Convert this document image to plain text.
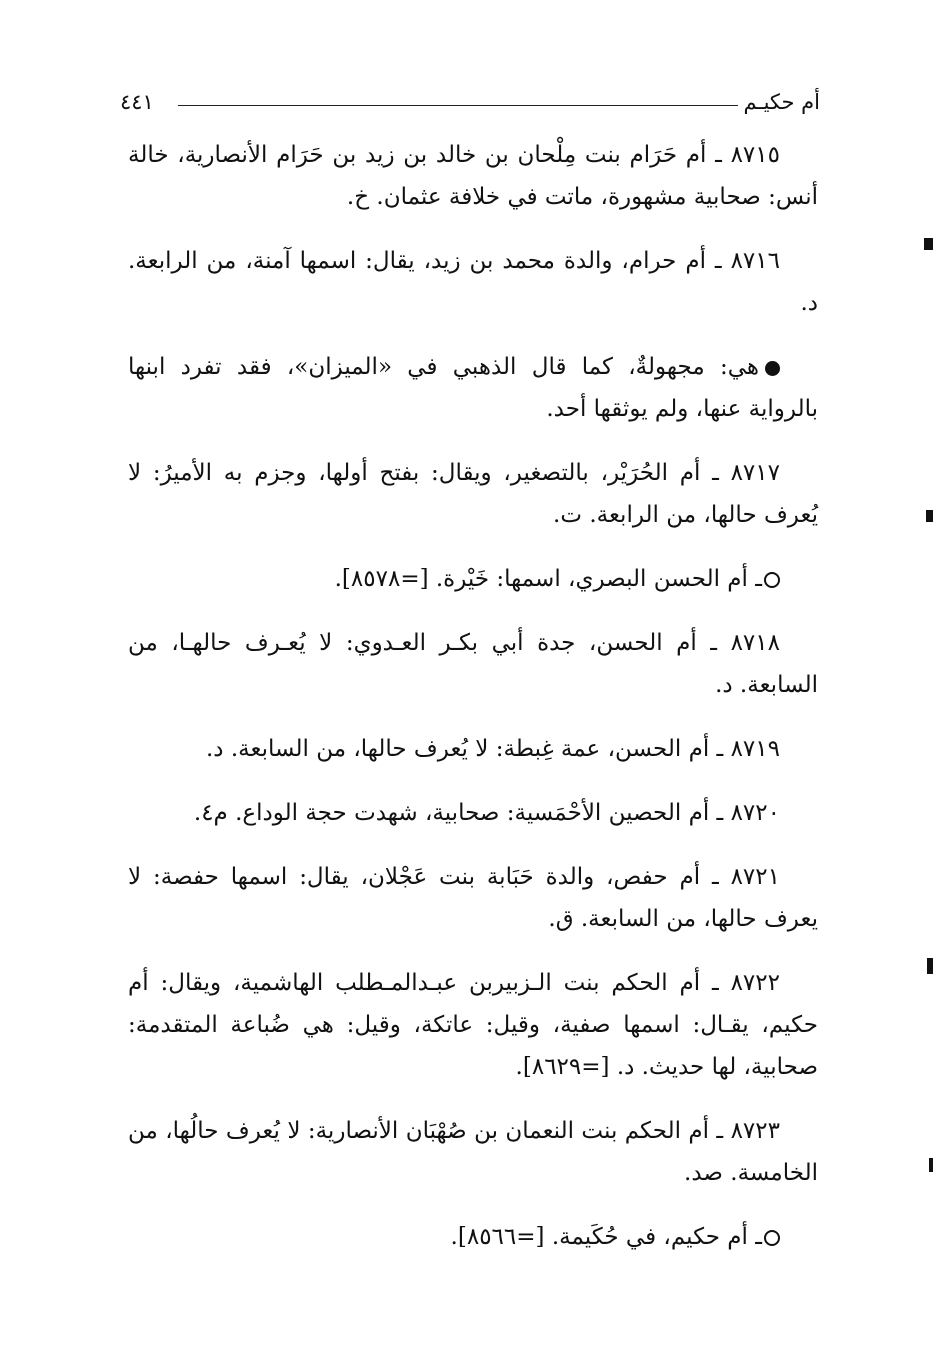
أم حكيـم
٤٤١

٨٧١٥ ـ أم حَرَام بنت مِلْحان بن خالد بن زيد بن حَرَام الأنصارية، خالة أنس: صحابية مشهورة، ماتت في خلافة عثمان. خ.

٨٧١٦ ـ أم حرام، والدة محمد بن زيد، يقال: اسمها آمنة، من الرابعة. د.

هي: مجهولةٌ، كما قال الذهبي في «الميزان»، فقد تفرد ابنها بالرواية عنها، ولم يوثقها أحد.

٨٧١٧ ـ أم الحُرَيْر، بالتصغير، ويقال: بفتح أولها، وجزم به الأميرُ: لا يُعرف حالها، من الرابعة. ت.

ـ أم الحسن البصري، اسمها: خَيْرة. [=٨٥٧٨].

٨٧١٨ ـ أم الحسن، جدة أبي بكـر العـدوي: لا يُعـرف حالهـا، من السابعة. د.

٨٧١٩ ـ أم الحسن، عمة غِبطة: لا يُعرف حالها، من السابعة. د.

٨٧٢٠ ـ أم الحصين الأحْمَسية: صحابية، شهدت حجة الوداع. م٤.

٨٧٢١ ـ أم حفص، والدة حَبَابة بنت عَجْلان، يقال: اسمها حفصة: لا يعرف حالها، من السابعة. ق.

٨٧٢٢ ـ أم الحكم بنت الـزبيربن عبـدالمـطلب الهاشمية، ويقال: أم حكيم، يقـال: اسمها صفية، وقيل: عاتكة، وقيل: هي ضُباعة المتقدمة: صحابية، لها حديث. د. [=٨٦٢٩].

٨٧٢٣ ـ أم الحكم بنت النعمان بن صُهْبَان الأنصارية: لا يُعرف حالُها، من الخامسة. صد.

ـ أم حكيم، في حُكَيمة. [=٨٥٦٦].
